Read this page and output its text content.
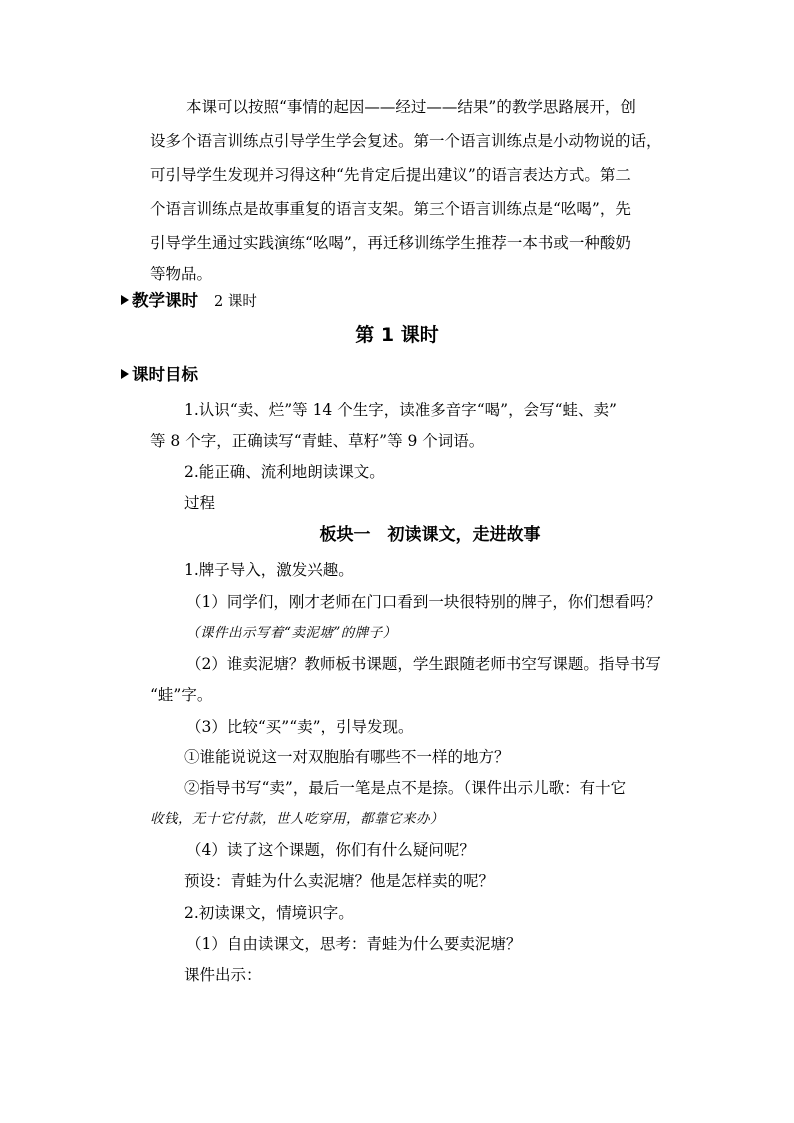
本课可以按照“事情的起因——经过——结果”的教学思路展开，创
设多个语言训练点引导学生学会复述。第一个语言训练点是小动物说的话，
可引导学生发现并习得这种“先肯定后提出建议”的语言表达方式。第二
个语言训练点是故事重复的语言支架。第三个语言训练点是“吆喝”，先
引导学生通过实践演练“吆喝”，再迁移训练学生推荐一本书或一种酸奶
等物品。
教学课时 2 课时
第 1 课时
课时目标
1.认识“卖、烂”等 14 个生字，读准多音字“喝”，会写“蛙、卖”
等 8 个字，正确读写“青蛙、草籽”等 9 个词语。
2.能正确、流利地朗读课文。
过程
板块一　初读课文，走进故事
1.牌子导入，激发兴趣。
（1）同学们，刚才老师在门口看到一块很特别的牌子，你们想看吗？
（课件出示写着“卖泥塘”的牌子）
（2）谁卖泥塘？教师板书课题，学生跟随老师书空写课题。指导书写
“蛙”字。
（3）比较“买”“卖”，引导发现。
①谁能说说这一对双胞胎有哪些不一样的地方？
②指导书写“卖”，最后一笔是点不是捺。（课件出示儿歌：有十它
收钱，无十它付款，世人吃穿用，都靠它来办）
（4）读了这个课题，你们有什么疑问呢？
预设：青蛙为什么卖泥塘？他是怎样卖的呢？
2.初读课文，情境识字。
（1）自由读课文，思考：青蛙为什么要卖泥塘？
课件出示：
